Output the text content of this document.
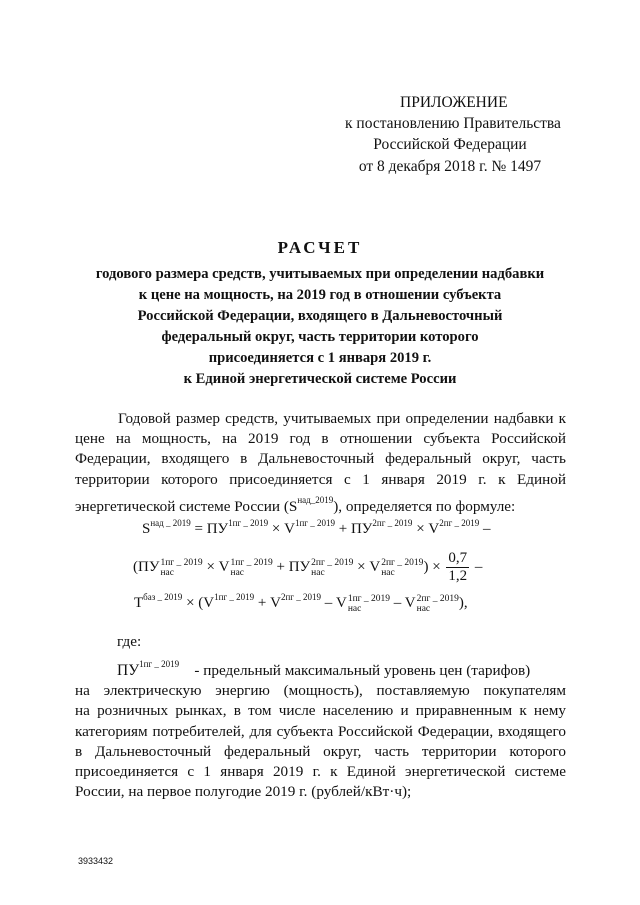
ПРИЛОЖЕНИЕ
к постановлению Правительства
Российской Федерации
от 8 декабря 2018 г. № 1497
РАСЧЕТ
годового размера средств, учитываемых при определении надбавки
к цене на мощность, на 2019 год в отношении субъекта
Российской Федерации, входящего в Дальневосточный
федеральный округ, часть территории которого
присоединяется с 1 января 2019 г.
к Единой энергетической системе России
Годовой размер средств, учитываемых при определении надбавки к
цене на мощность, на 2019 год в отношении субъекта Российской
Федерации, входящего в Дальневосточный федеральный округ, часть
территории которого присоединяется с 1 января 2019 г. к Единой
энергетической системе России $(S^{над\_2019})$, определяется по формуле:
$S^{над \_ 2019} = ПУ^{1пг \_ 2019} \times V^{1пг \_ 2019} + ПУ^{2пг \_ 2019} \times V^{2пг \_ 2019}$ –
(ПУ 1пг _ 2019
нас	× V 1пг _ 2019
нас	+ ПУ 2пг _ 2019
нас	× V 2пг _ 2019
нас	) × $\frac{0,7}{1,2}$ –
$T^{баз \_ 2019} \times (V^{1пг \_ 2019} + V^{2пг \_ 2019} - V$ 1пг _ 2019
нас	– V 2пг _ 2019
нас	),
где:
$ПУ^{1пг \_ 2019}$ - предельный максимальный уровень цен (тарифов)
на электрическую энергию (мощность), поставляемую покупателям
на розничных рынках, в том числе населению и приравненным к нему
категориям потребителей, для субъекта Российской Федерации, входящего
в Дальневосточный федеральный округ, часть территории которого
присоединяется с 1 января 2019 г. к Единой энергетической системе
России, на первое полугодие 2019 г. (рублей/кВт·ч);
3933432
